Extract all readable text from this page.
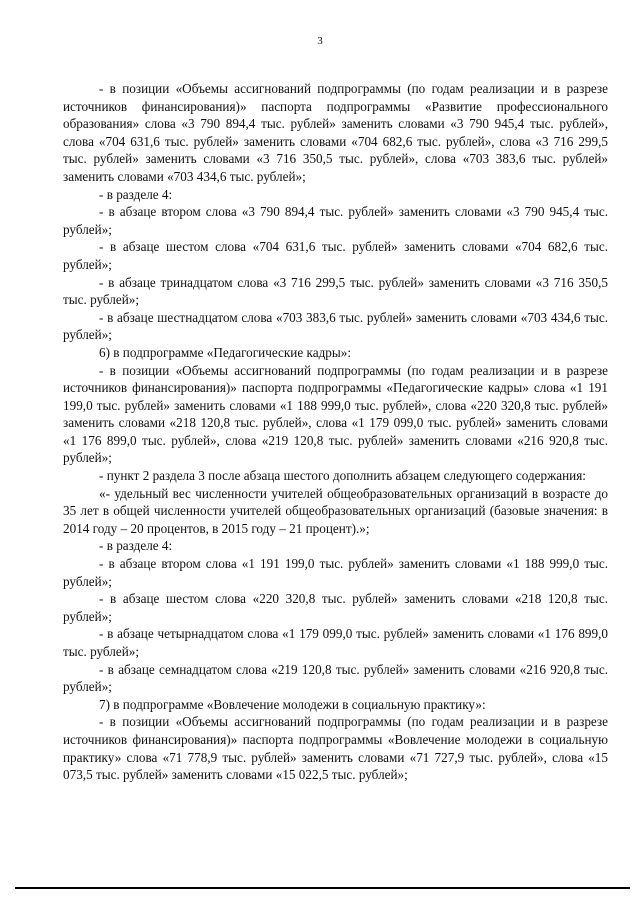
3

- в позиции «Объемы ассигнований подпрограммы (по годам реализации и в разрезе источников финансирования)» паспорта подпрограммы «Развитие профессионального образования» слова «3 790 894,4 тыс. рублей» заменить словами «3 790 945,4 тыс. рублей», слова «704 631,6 тыс. рублей» заменить словами «704 682,6 тыс. рублей», слова «3 716 299,5 тыс. рублей» заменить словами «3 716 350,5 тыс. рублей», слова «703 383,6 тыс. рублей» заменить словами «703 434,6 тыс. рублей»;

- в разделе 4:

- в абзаце втором слова «3 790 894,4 тыс. рублей» заменить словами «3 790 945,4 тыс. рублей»;

- в абзаце шестом слова «704 631,6 тыс. рублей» заменить словами «704 682,6 тыс. рублей»;

- в абзаце тринадцатом слова «3 716 299,5 тыс. рублей» заменить словами «3 716 350,5 тыс. рублей»;

- в абзаце шестнадцатом слова «703 383,6 тыс. рублей» заменить словами «703 434,6 тыс. рублей»;

6) в подпрограмме «Педагогические кадры»:

- в позиции «Объемы ассигнований подпрограммы (по годам реализации и в разрезе источников финансирования)» паспорта подпрограммы «Педагогические кадры» слова «1 191 199,0 тыс. рублей» заменить словами «1 188 999,0 тыс. рублей», слова «220 320,8 тыс. рублей» заменить словами «218 120,8 тыс. рублей», слова «1 179 099,0 тыс. рублей» заменить словами «1 176 899,0 тыс. рублей», слова «219 120,8 тыс. рублей» заменить словами «216 920,8 тыс. рублей»;

- пункт 2 раздела 3 после абзаца шестого дополнить абзацем следующего содержания:

«- удельный вес численности учителей общеобразовательных организаций в возрасте до 35 лет в общей численности учителей общеобразовательных организаций (базовые значения: в 2014 году – 20 процентов, в 2015 году – 21 процент).»;

- в разделе 4:

- в абзаце втором слова «1 191 199,0 тыс. рублей» заменить словами «1 188 999,0 тыс. рублей»;

- в абзаце шестом слова «220 320,8 тыс. рублей» заменить словами «218 120,8 тыс. рублей»;

- в абзаце четырнадцатом слова «1 179 099,0 тыс. рублей» заменить словами «1 176 899,0 тыс. рублей»;

- в абзаце семнадцатом слова «219 120,8 тыс. рублей» заменить словами «216 920,8 тыс. рублей»;

7) в подпрограмме «Вовлечение молодежи в социальную практику»:

- в позиции «Объемы ассигнований подпрограммы (по годам реализации и в разрезе источников финансирования)» паспорта подпрограммы «Вовлечение молодежи в социальную практику» слова «71 778,9 тыс. рублей» заменить словами «71 727,9 тыс. рублей», слова «15 073,5 тыс. рублей» заменить словами «15 022,5 тыс. рублей»;
